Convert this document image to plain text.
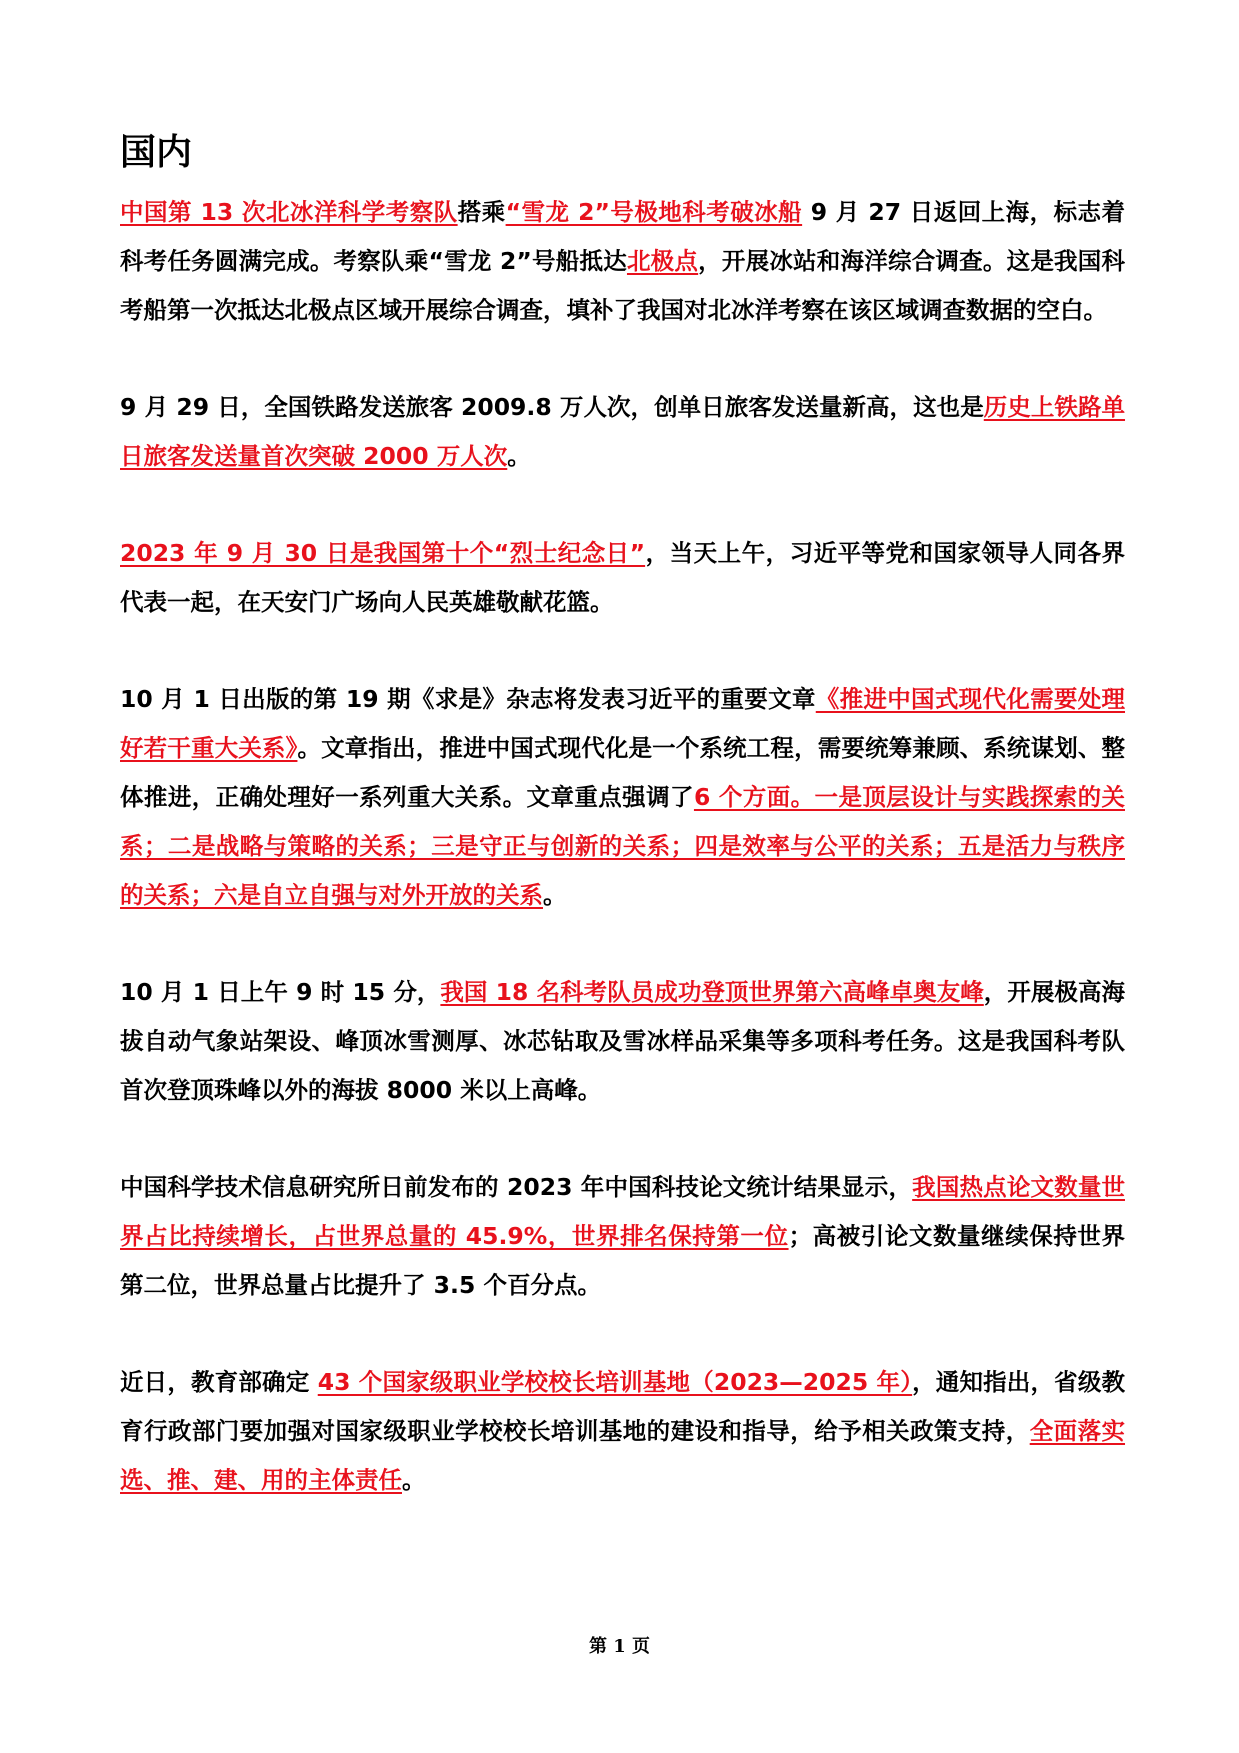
国内

中国第 13 次北冰洋科学考察队搭乘“雪龙 2”号极地科考破冰船 9 月 27 日返回上海，标志着科考任务圆满完成。考察队乘“雪龙 2”号船抵达北极点，开展冰站和海洋综合调查。这是我国科考船第一次抵达北极点区域开展综合调查，填补了我国对北冰洋考察在该区域调查数据的空白。

9 月 29 日，全国铁路发送旅客 2009.8 万人次，创单日旅客发送量新高，这也是历史上铁路单日旅客发送量首次突破 2000 万人次。

2023 年 9 月 30 日是我国第十个“烈士纪念日”，当天上午，习近平等党和国家领导人同各界代表一起，在天安门广场向人民英雄敬献花篮。

10 月 1 日出版的第 19 期《求是》杂志将发表习近平的重要文章《推进中国式现代化需要处理好若干重大关系》。文章指出，推进中国式现代化是一个系统工程，需要统筹兼顾、系统谋划、整体推进，正确处理好一系列重大关系。文章重点强调了6 个方面。一是顶层设计与实践探索的关系；二是战略与策略的关系；三是守正与创新的关系；四是效率与公平的关系；五是活力与秩序的关系；六是自立自强与对外开放的关系。

10 月 1 日上午 9 时 15 分，我国 18 名科考队员成功登顶世界第六高峰卓奥友峰，开展极高海拔自动气象站架设、峰顶冰雪测厚、冰芯钻取及雪冰样品采集等多项科考任务。这是我国科考队首次登顶珠峰以外的海拔 8000 米以上高峰。

中国科学技术信息研究所日前发布的 2023 年中国科技论文统计结果显示，我国热点论文数量世界占比持续增长，占世界总量的 45.9%，世界排名保持第一位；高被引论文数量继续保持世界第二位，世界总量占比提升了 3.5 个百分点。

近日，教育部确定 43 个国家级职业学校校长培训基地（2023—2025 年），通知指出，省级教育行政部门要加强对国家级职业学校校长培训基地的建设和指导，给予相关政策支持，全面落实选、推、建、用的主体责任。

第 1 页
